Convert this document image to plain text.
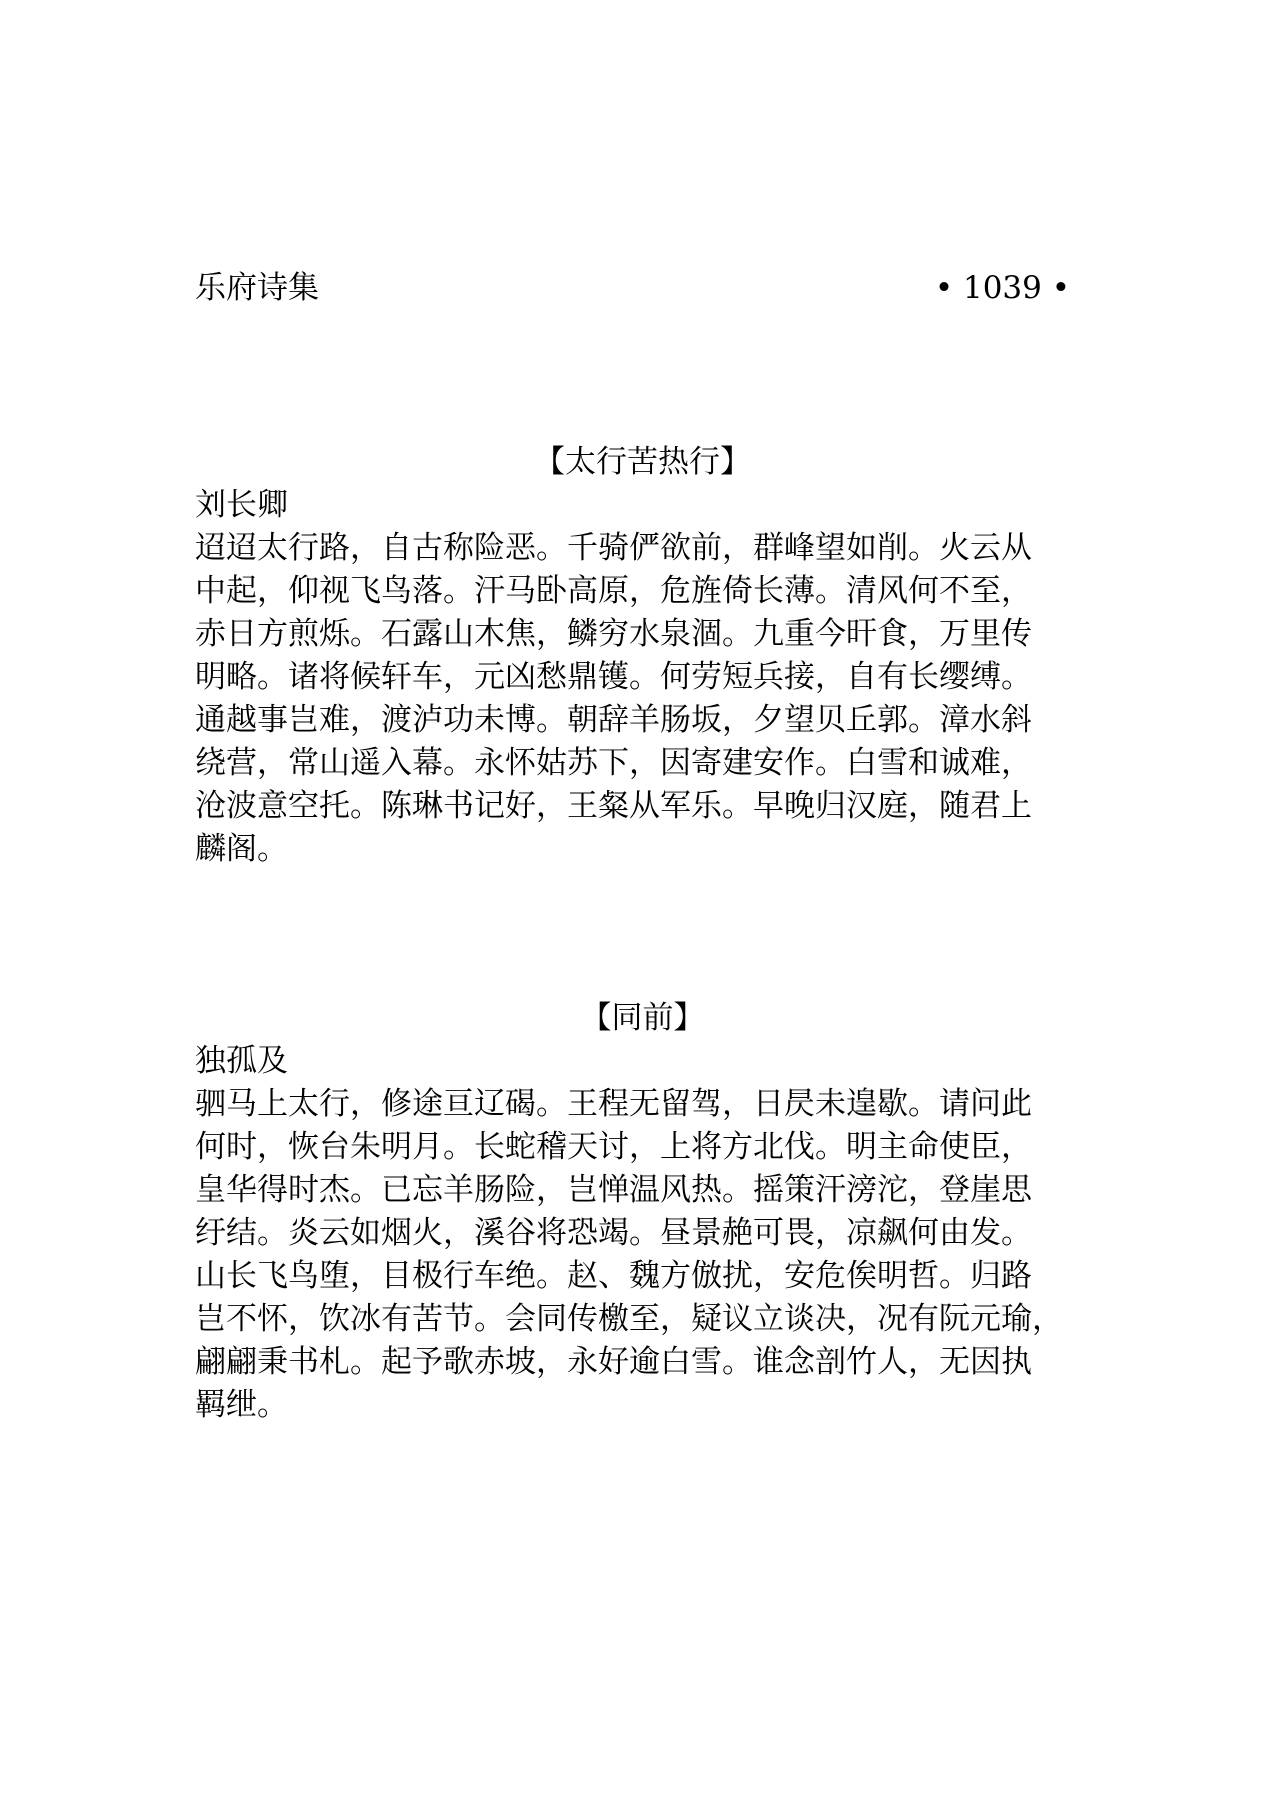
乐府诗集	• 1039 •
【太行苦热行】
刘长卿
迢迢太行路，自古称险恶。千骑俨欲前，群峰望如削。火云从
中起，仰视飞鸟落。汗马卧高原，危旌倚长薄。清风何不至，
赤日方煎烁。石露山木焦，鳞穷水泉涸。九重今旰食，万里传
明略。诸将候轩车，元凶愁鼎镬。何劳短兵接，自有长缨缚。
通越事岂难，渡泸功未博。朝辞羊肠坂，夕望贝丘郭。漳水斜
绕营，常山遥入幕。永怀姑苏下，因寄建安作。白雪和诚难，
沧波意空托。陈琳书记好，王粲从军乐。早晚归汉庭，随君上
麟阁。
【同前】
独孤及
驷马上太行，修途亘辽碣。王程无留驾，日昃未遑歇。请问此
何时，恢台朱明月。长蛇稽天讨，上将方北伐。明主命使臣，
皇华得时杰。已忘羊肠险，岂惮温风热。摇策汗滂沱，登崖思
纡结。炎云如烟火，溪谷将恐竭。昼景赩可畏，凉飙何由发。
山长飞鸟堕，目极行车绝。赵、魏方倣扰，安危俟明哲。归路
岂不怀，饮冰有苦节。会同传檄至，疑议立谈决，况有阮元瑜，
翩翩秉书札。起予歌赤坡，永好逾白雪。谁念剖竹人，无因执
羁绁。
